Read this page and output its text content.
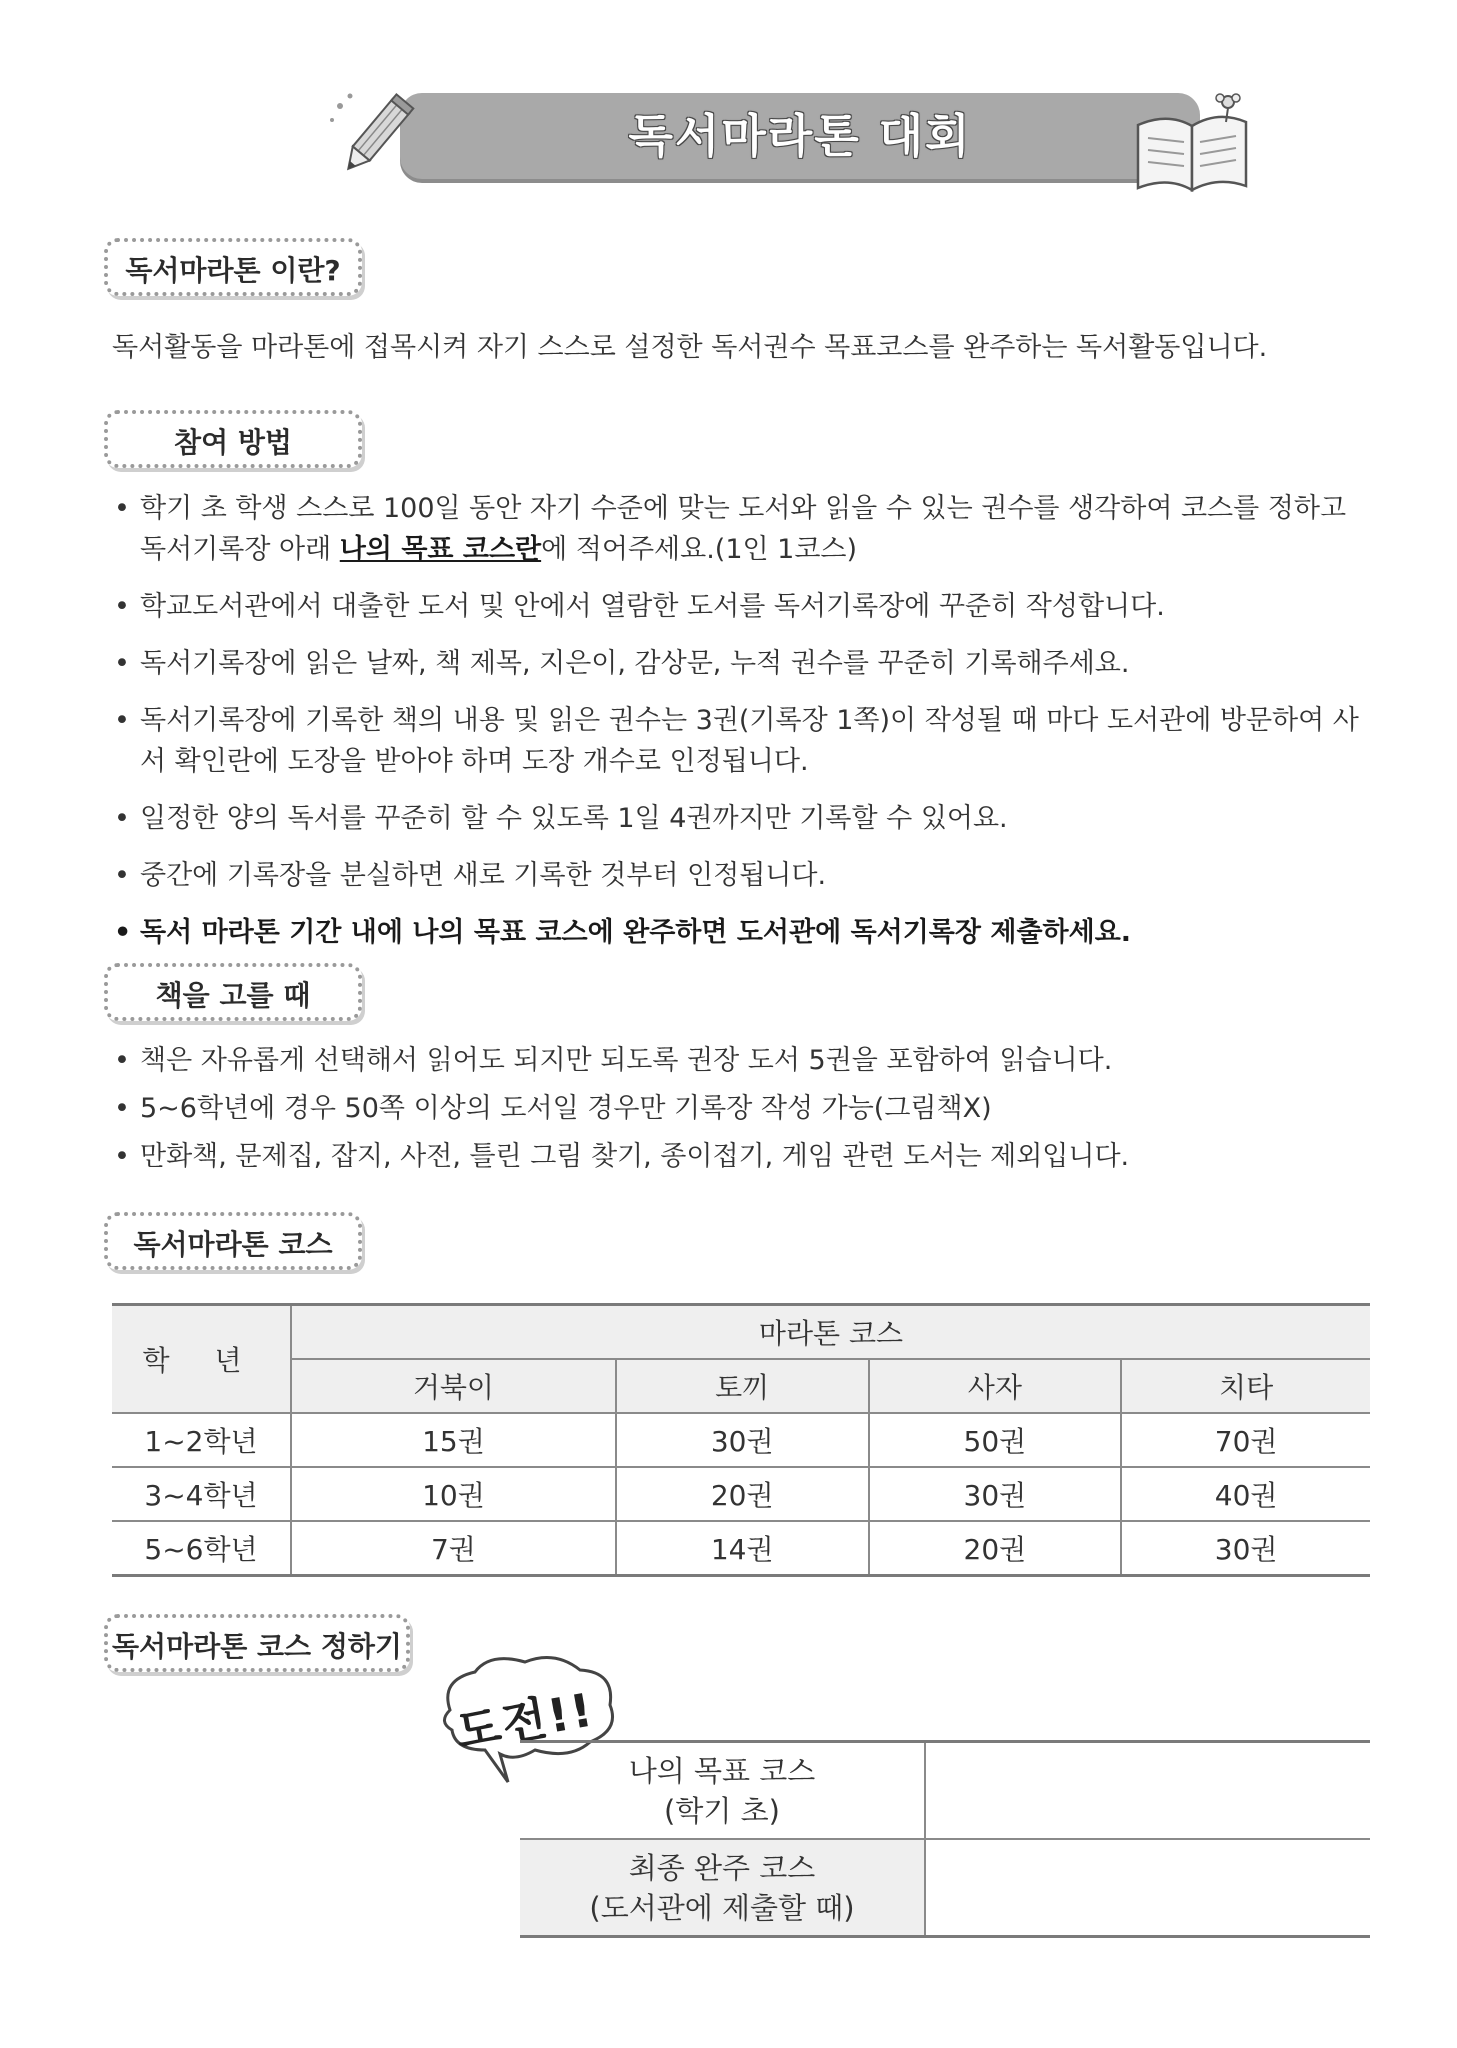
독서마라톤 대회
독서마라톤 이란?
독서활동을 마라톤에 접목시켜 자기 스스로 설정한 독서권수 목표코스를 완주하는 독서활동입니다.
참여 방법
• 학기 초 학생 스스로 100일 동안 자기 수준에 맞는 도서와 읽을 수 있는 권수를 생각하여 코스를 정하고 독서기록장 아래 나의 목표 코스란에 적어주세요.(1인 1코스)
• 학교도서관에서 대출한 도서 및 안에서 열람한 도서를 독서기록장에 꾸준히 작성합니다.
• 독서기록장에 읽은 날짜, 책 제목, 지은이, 감상문, 누적 권수를 꾸준히 기록해주세요.
• 독서기록장에 기록한 책의 내용 및 읽은 권수는 3권(기록장 1쪽)이 작성될 때 마다 도서관에 방문하여 사서 확인란에 도장을 받아야 하며 도장 개수로 인정됩니다.
• 일정한 양의 독서를 꾸준히 할 수 있도록 1일 4권까지만 기록할 수 있어요.
• 중간에 기록장을 분실하면 새로 기록한 것부터 인정됩니다.
• 독서 마라톤 기간 내에 나의 목표 코스에 완주하면 도서관에 독서기록장 제출하세요.
책을 고를 때
• 책은 자유롭게 선택해서 읽어도 되지만 되도록 권장 도서 5권을 포함하여 읽습니다.
• 5~6학년에 경우 50쪽 이상의 도서일 경우만 기록장 작성 가능(그림책X)
• 만화책, 문제집, 잡지, 사전, 틀린 그림 찾기, 종이접기, 게임 관련 도서는 제외입니다.
독서마라톤 코스
학 년	마라톤 코스			
	거북이	토끼	사자	치타
1~2학년	15권	30권	50권	70권
3~4학년	10권	20권	30권	40권
5~6학년	7권	14권	20권	30권
독서마라톤 코스 정하기
도전!!
나의 목표 코스
(학기 초)	

최종 완주 코스
(도서관에 제출할 때)	
